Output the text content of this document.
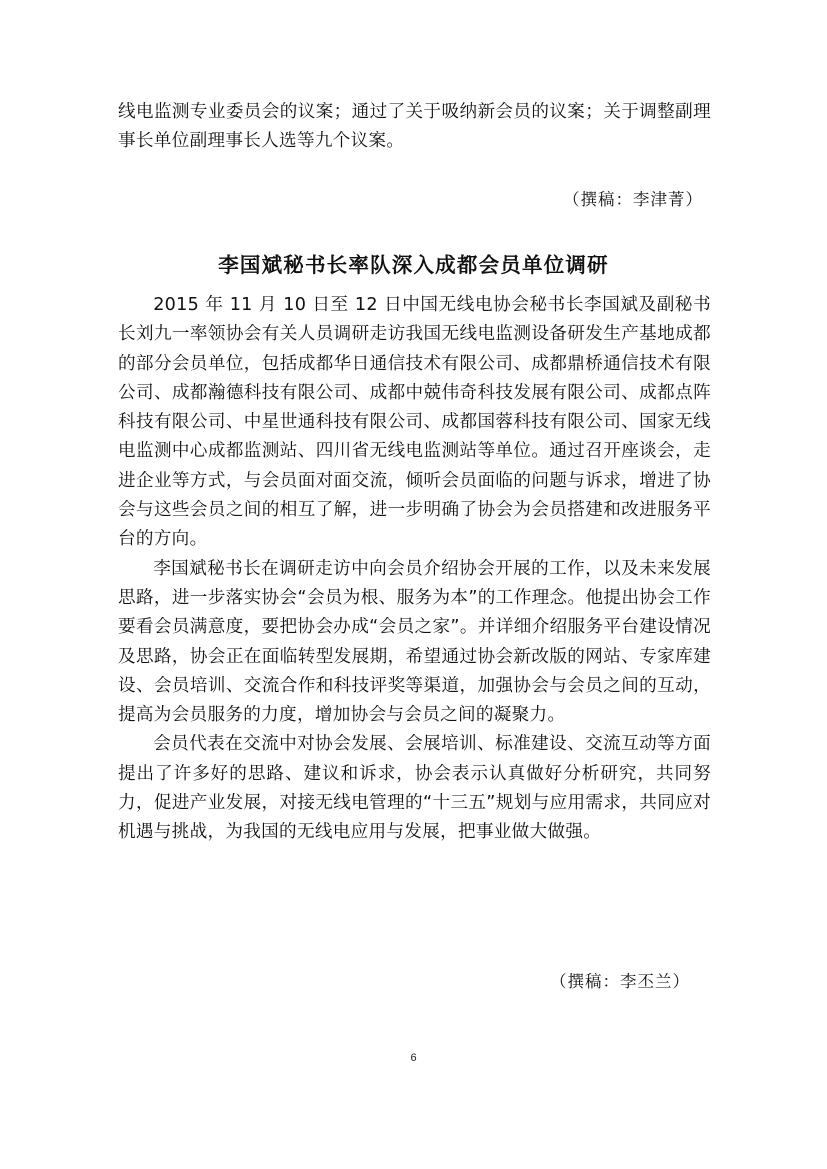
线电监测专业委员会的议案；通过了关于吸纳新会员的议案；关于调整副理事长单位副理事长人选等九个议案。

（撰稿：李津菁）
李国斌秘书长率队深入成都会员单位调研

2015 年 11 月 10 日至 12 日中国无线电协会秘书长李国斌及副秘书长刘九一率领协会有关人员调研走访我国无线电监测设备研发生产基地成都的部分会员单位，包括成都华日通信技术有限公司、成都鼎桥通信技术有限公司、成都瀚德科技有限公司、成都中兢伟奇科技发展有限公司、成都点阵科技有限公司、中星世通科技有限公司、成都国蓉科技有限公司、国家无线电监测中心成都监测站、四川省无线电监测站等单位。通过召开座谈会，走进企业等方式，与会员面对面交流，倾听会员面临的问题与诉求，增进了协会与这些会员之间的相互了解，进一步明确了协会为会员搭建和改进服务平台的方向。

李国斌秘书长在调研走访中向会员介绍协会开展的工作，以及未来发展思路，进一步落实协会“会员为根、服务为本”的工作理念。他提出协会工作要看会员满意度，要把协会办成“会员之家”。并详细介绍服务平台建设情况及思路，协会正在面临转型发展期，希望通过协会新改版的网站、专家库建设、会员培训、交流合作和科技评奖等渠道，加强协会与会员之间的互动，提高为会员服务的力度，增加协会与会员之间的凝聚力。

会员代表在交流中对协会发展、会展培训、标准建设、交流互动等方面提出了许多好的思路、建议和诉求，协会表示认真做好分析研究，共同努力，促进产业发展，对接无线电管理的“十三五”规划与应用需求，共同应对机遇与挑战，为我国的无线电应用与发展，把事业做大做强。

（撰稿：李丕兰）
6
